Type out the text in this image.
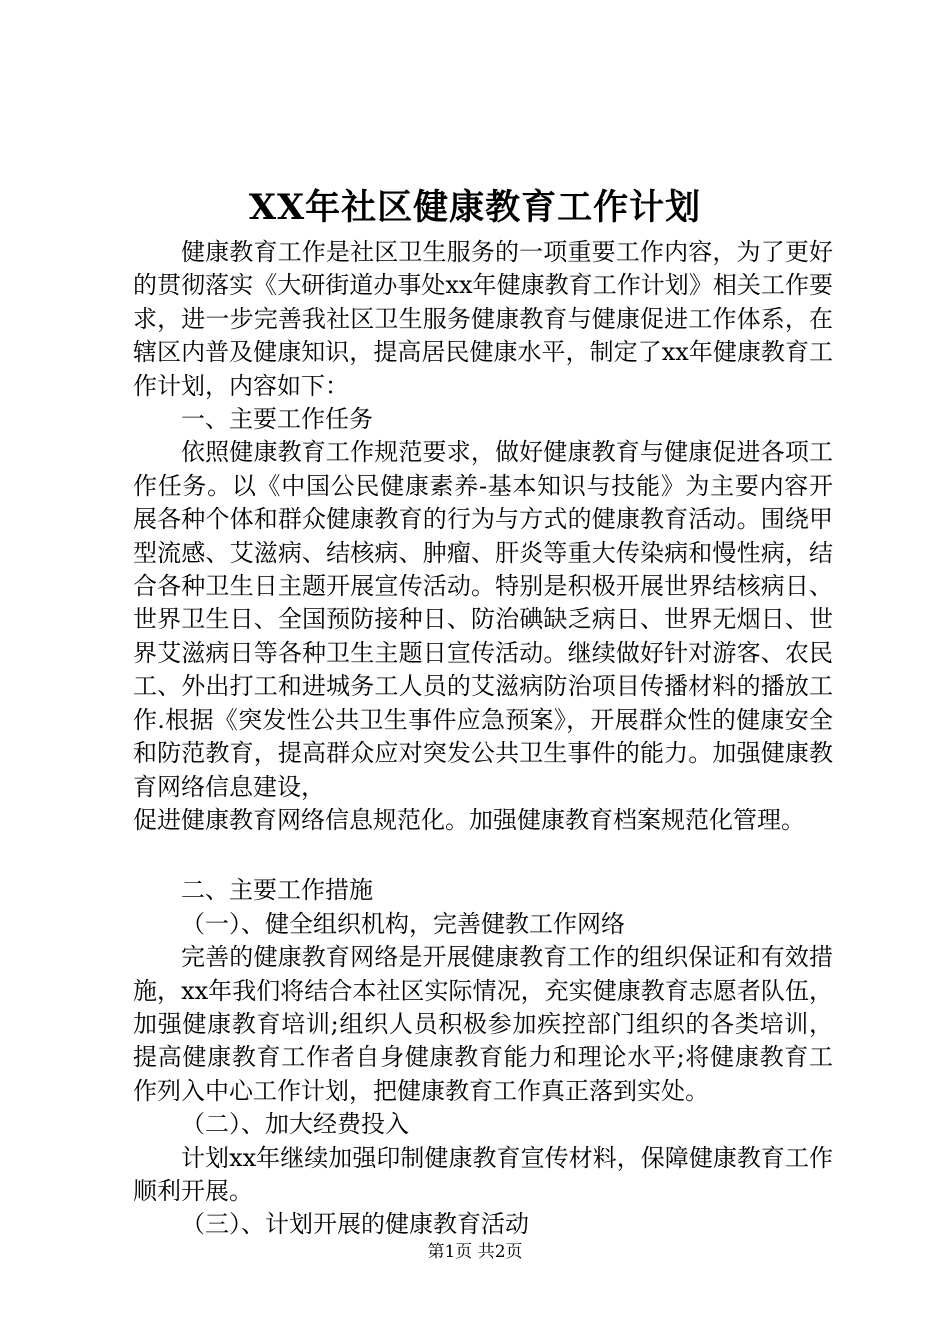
XX年社区健康教育工作计划

健康教育工作是社区卫生服务的一项重要工作内容，为了更好的贯彻落实《大研街道办事处xx年健康教育工作计划》相关工作要求，进一步完善我社区卫生服务健康教育与健康促进工作体系，在辖区内普及健康知识，提高居民健康水平，制定了xx年健康教育工作计划，内容如下：

一、主要工作任务

依照健康教育工作规范要求，做好健康教育与健康促进各项工作任务。以《中国公民健康素养-基本知识与技能》为主要内容开展各种个体和群众健康教育的行为与方式的健康教育活动。围绕甲型流感、艾滋病、结核病、肿瘤、肝炎等重大传染病和慢性病，结合各种卫生日主题开展宣传活动。特别是积极开展世界结核病日、世界卫生日、全国预防接种日、防治碘缺乏病日、世界无烟日、世界艾滋病日等各种卫生主题日宣传活动。继续做好针对游客、农民工、外出打工和进城务工人员的艾滋病防治项目传播材料的播放工作.根据《突发性公共卫生事件应急预案》，开展群众性的健康安全和防范教育，提高群众应对突发公共卫生事件的能力。加强健康教育网络信息建设，

促进健康教育网络信息规范化。加强健康教育档案规范化管理。

二、主要工作措施

（一）、健全组织机构，完善健教工作网络

完善的健康教育网络是开展健康教育工作的组织保证和有效措施，xx年我们将结合本社区实际情况，充实健康教育志愿者队伍，加强健康教育培训;组织人员积极参加疾控部门组织的各类培训，提高健康教育工作者自身健康教育能力和理论水平;将健康教育工作列入中心工作计划，把健康教育工作真正落到实处。

（二）、加大经费投入

计划xx年继续加强印制健康教育宣传材料，保障健康教育工作顺利开展。

（三）、计划开展的健康教育活动

第1页 共2页
